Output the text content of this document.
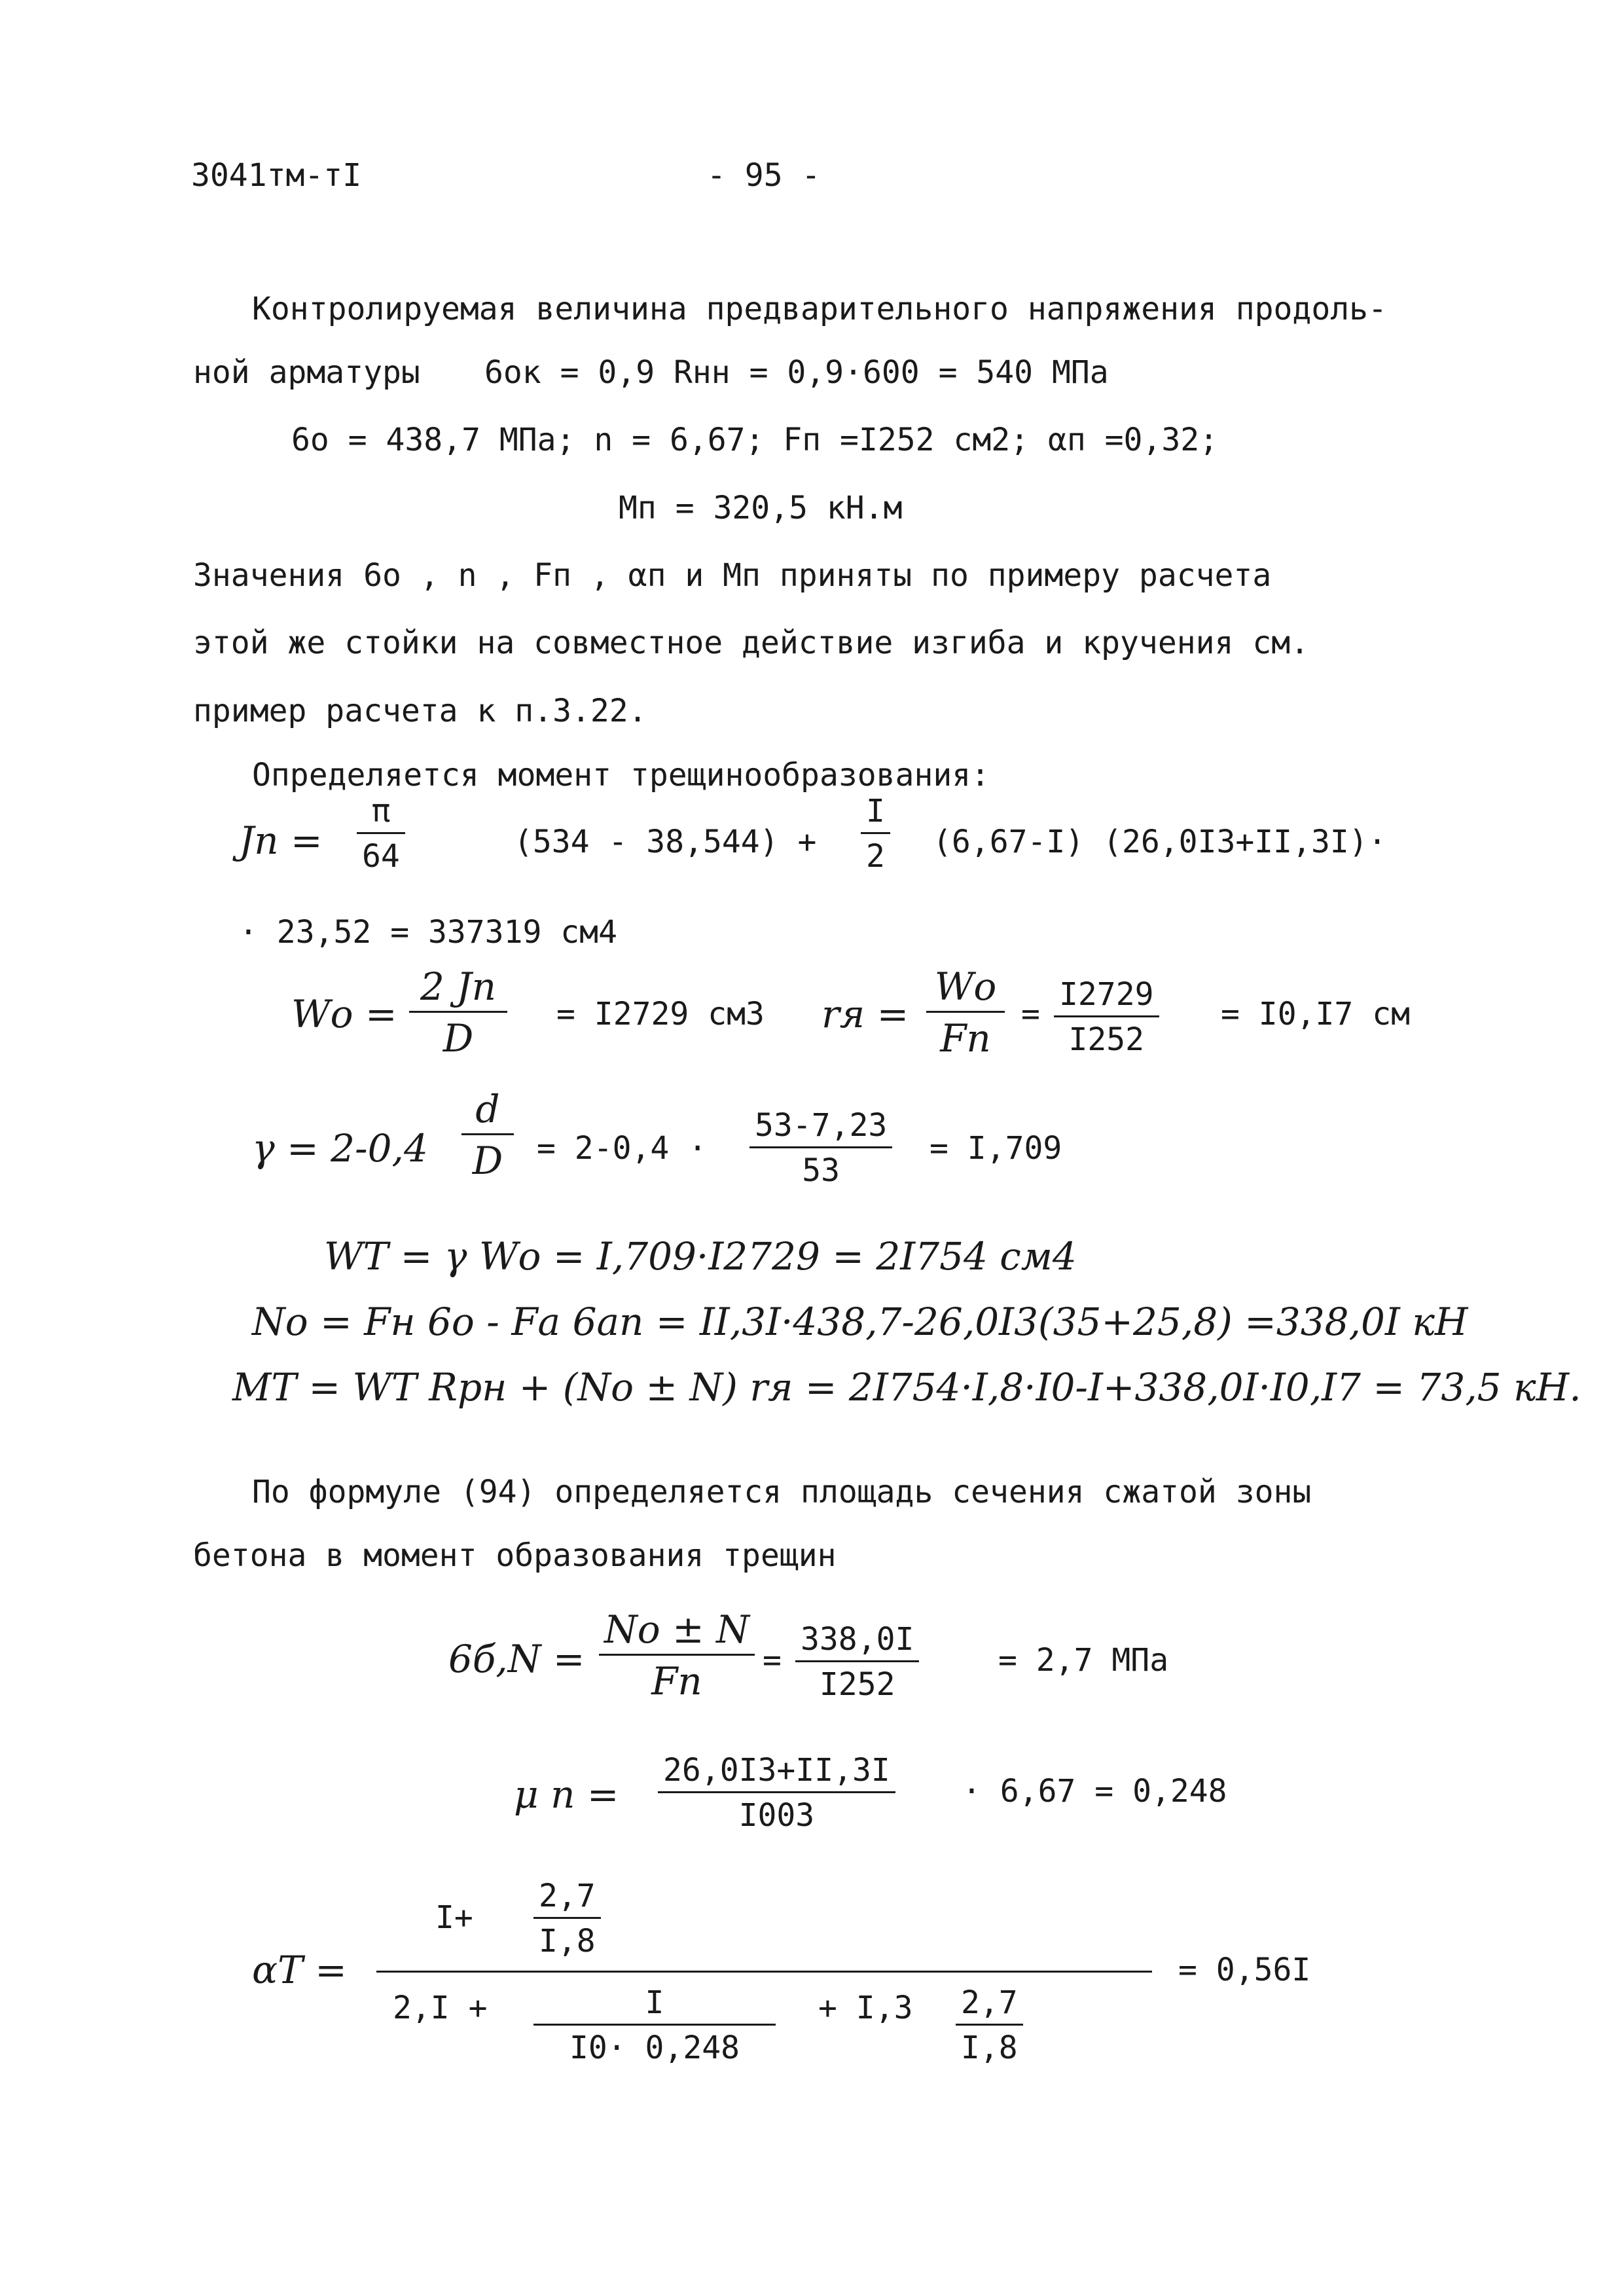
3041тм-тI	- 95 -
Контролируемая величина предварительного напряжения продоль-
ной арматуры 6ок = 0,9 Rнн = 0,9·600 = 540 МПа
6о = 438,7 МПа; n = 6,67; Fп =I252 см2; αп =0,32;
Mп = 320,5 кН.м
Значения 6о , n , Fп , αп и Mп приняты по примеру расчета
этой же стойки на совместное действие изгиба и кручения см.
пример расчета к п.3.22.
Определяется момент трещинообразования:
Jп =
π
64	(534 - 38,544) +
I
2 (6,67-I) (26,0I3+II,3I)·
· 23,52 = 337319 см4
Wо =
2 Jп
D
= I2729 см3 rя =
Wо
Fп
=
I2729
I252
= I0,I7 см
γ = 2-0,4
d
D = 2-0,4 ·
53-7,23
53
= I,709
WТ = γ Wо = I,709·I2729 = 2I754 см4
Nо = Fн 6о - Fа 6ап = II,3I·438,7-26,0I3(35+25,8) =338,0I кН
MТ = WТ Rрн + (Nо ± N) rя = 2I754·I,8·I0-I+338,0I·I0,I7 = 73,5 кН.
По формуле (94) определяется площадь сечения сжатой зоны
бетона в момент образования трещин
6б,N =
Nо ± N
Fп =
338,0I
I252
= 2,7 МПа
μ n =
26,0I3+II,3I
I003
· 6,67 = 0,248
αТ =
I+
2,7
I,8
2,I +	I
I0· 0,248
+ I,3 2,7
I,8
= 0,56I
